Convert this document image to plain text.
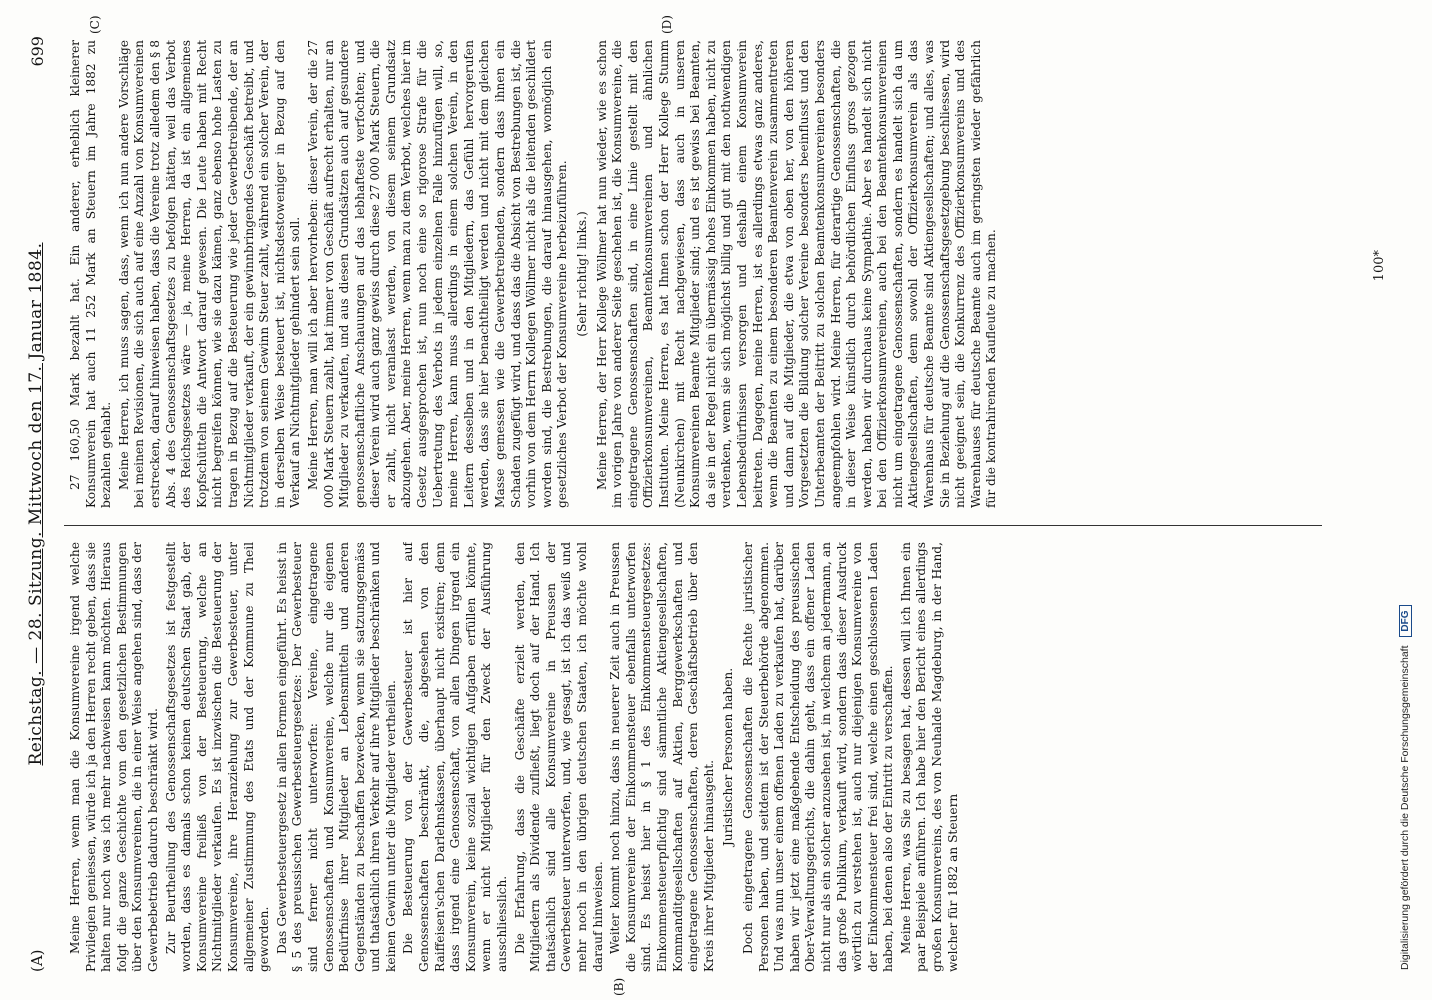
(A)
Reichstag. — 28. Sitzung. Mittwoch den 17. Januar 1884.
699
(B)
(C)	(D)

Meine Herren, wenn man die Konsumvereine irgend welche Privilegien geniessen, würde ich ja den Herren recht geben, dass sie halten nur noch was ich mehr nachweisen kann möchten. Hieraus folgt die ganze Geschichte vom den gesetzlichen Bestimmungen über den Konsumvereinen, die in einer Weise angehen sind, dass der Gewerbebetrieb dadurch beschränkt wird. Zur Beurtheilung des Genossenschaftsgesetzes ist festgestellt worden, dass es damals schon keinen deutschen Staat gab, der Konsumvereine freiließ von der Besteuerung, welche an Nichtmitglieder verkaufen. Es ist inzwischen die Besteuerung der Konsumvereine, ihre Heranziehung zur Gewerbesteuer, unter allgemeiner Zustimmung des Etats und der Kommune zu Theil geworden. Das Gewerbesteuergesetz in allen Formen eingeführt. Es heisst in § 5 des preussischen Gewerbesteuergesetzes: Der Gewerbesteuer sind ferner nicht unterworfen: Vereine, eingetragene Genossenschaften und Konsumvereine, welche nur die eigenen Bedürfnisse ihrer Mitglieder an Lebensmitteln und anderen Gegenständen zu beschaffen bezwecken, wenn sie satzungsgemäss und thatsächlich ihren Verkehr auf ihre Mitglieder beschränken und keinen Gewinn unter die Mitglieder vertheilen. Die Besteuerung von der Gewerbesteuer ist hier auf Genossenschaften beschränkt, die, abgesehen von den Raiffeisen'schen Darlehnskassen, überhaupt nicht existiren; denn dass irgend eine Genossenschaft, von allen Dingen irgend ein Konsumverein, keine sozial wichtigen Aufgaben erfüllen könnte, wenn er nicht Mitglieder für den Zweck der Ausführung ausschliesslich. Die Erfahrung, dass die Geschäfte erzielt werden, den Mitgliedern als Dividende zufließt, liegt doch auf der Hand. Ich thatsächlich sind alle Konsumvereine in Preussen der Gewerbesteuer unterworfen, und, wie gesagt, ist ich das weiß und mehr noch in den übrigen deutschen Staaten, ich möchte wohl darauf hinweisen. Weiter kommt noch hinzu, dass in neuerer Zeit auch in Preussen die Konsumvereine der Einkommensteuer ebenfalls unterworfen sind. Es heisst hier in § 1 des Einkommensteuergesetzes: Einkommensteuerpflichtig sind sämmtliche Aktiengesellschaften, Kommanditgesellschaften auf Aktien, Berggewerkschaften und eingetragene Genossenschaften, deren Geschäftsbetrieb über den Kreis ihrer Mitglieder hinausgeht.

Juristischer Personen haben. Doch eingetragene Genossenschaften die Rechte juristischer Personen haben, und seitdem ist der Steuerbehörde abgenommen. Und was nun unser einem offenen Laden zu verkaufen hat, darüber haben wir jetzt eine maßgebende Entscheidung des preussischen Ober-Verwaltungsgerichts, die dahin geht, dass ein offener Laden nicht nur als ein solcher anzusehen ist, in welchem an jedermann, an das große Publikum, verkauft wird, sondern dass dieser Ausdruck wörtlich zu verstehen ist, auch nur diejenigen Konsumvereine von der Einkommensteuer frei sind, welche einen geschlossenen Laden haben, bei denen also der Eintritt zu verschaffen. Meine Herren, was Sie zu besagen hat, dessen will ich Ihnen ein paar Beispiele anführen. Ich habe hier den Bericht eines allerdings großen Konsumvereins, des von Neuhalde Magdeburg, in der Hand, welcher für 1882 an Steuern

27 160,50 Mark bezahlt hat. Ein anderer, erheblich kleinerer Konsumverein hat auch 11 252 Mark an Steuern im Jahre 1882 zu bezahlen gehabt. Meine Herren, ich muss sagen, dass, wenn ich nun andere Vorschläge bei meinen Revisionen, die sich auch auf eine Anzahl von Konsumvereinen erstrecken, darauf hinweisen haben, dass die Vereine trotz alledem den § 8 Abs. 4 des Genossenschaftsgesetzes zu befolgen hätten, weil das Verbot des Reichsgesetzes wäre — ja, meine Herren, da ist ein allgemeines Kopfschütteln die Antwort darauf gewesen. Die Leute haben mit Recht nicht begreifen können, wie sie dazu kämen, ganz ebenso hohe Lasten zu tragen in Bezug auf die Besteuerung wie jeder Gewerbetreibende, der an Nichtmitglieder verkauft, der ein gewinnbringendes Geschäft betreibt, und trotzdem von seinem Gewinn Steuer zahlt, während ein solcher Verein, der in derselben Weise besteuert ist, nichtsdestoweniger in Bezug auf den Verkauf an Nichtmitglieder gehindert sein soll. Meine Herren, man will ich aber hervorheben: dieser Verein, der die 27 000 Mark Steuern zahlt, hat immer von Geschäft aufrecht erhalten, nur an Mitglieder zu verkaufen, und aus diesen Grundsätzen auch auf gesundere genossenschaftliche Anschauungen auf das lebhafteste verfochten; und dieser Verein wird auch ganz gewiss durch diese 27 000 Mark Steuern, die er zahlt, nicht veranlasst werden, von diesem seinem Grundsatz abzugehen. Aber, meine Herren, wenn man zu dem Verbot, welches hier im Gesetz ausgesprochen ist, nun noch eine so rigorose Strafe für die Uebertretung des Verbots in jedem einzelnen Falle hinzufügen will, so, meine Herren, kann muss allerdings in einem solchen Verein, in den Leitern desselben und in den Mitgliedern, das Gefühl hervorgerufen werden, dass sie hier benachtheiligt werden und nicht mit dem gleichen Masse gemessen wie die Gewerbetreibenden, sondern dass ihnen ein Schaden zugefügt wird, und dass das die Absicht von Bestrebungen ist, die vorhin von dem Herrn Kollegen Wöllmer nicht als die leitenden geschildert worden sind, die Bestrebungen, die darauf hinausgehen, womöglich ein gesetzliches Verbot der Konsumvereine herbeizuführen. (Sehr richtig! links.) Meine Herren, der Herr Kollege Wöllmer hat nun wieder, wie es schon im vorigen Jahre von anderer Seite geschehen ist, die Konsumvereine, die eingetragene Genossenschaften sind, in eine Linie gestellt mit den Offizierkonsumvereinen, Beamtenkonsumvereinen und ähnlichen Instituten. Meine Herren, es hat Ihnen schon der Herr Kollege Stumm (Neunkirchen) mit Recht nachgewiesen, dass auch in unseren Konsumvereinen Beamte Mitglieder sind; und es ist gewiss bei Beamten, da sie in der Regel nicht ein übermässig hohes Einkommen haben, nicht zu verdenken, wenn sie sich möglichst billig und gut mit den nothwendigen Lebensbedürfnissen versorgen und deshalb einem Konsumverein beitreten. Dagegen, meine Herren, ist es allerdings etwas ganz anderes, wenn die Beamten zu einem besonderen Beamtenverein zusammentreten und dann auf die Mitglieder, die etwa von oben her, von den höheren Vorgesetzten die Bildung solcher Vereine besonders beeinflusst und den Unterbeamten der Beitritt zu solchen Beamtenkonsumvereinen besonders angeempfohlen wird. Meine Herren, für derartige Genossenschaften, die in dieser Weise künstlich durch behördlichen Einfluss gross gezogen werden, haben wir durchaus keine Sympathie. Aber es handelt sich nicht bei den Offizierkonsumvereinen, auch bei den Beamtenkonsumvereinen nicht um eingetragene Genossenschaften, sondern es handelt sich da um Aktiengesellschaften, denn sowohl der Offizierkonsumverein als das Warenhaus für deutsche Beamte sind Aktiengesellschaften; und alles, was Sie in Beziehung auf die Genossenschaftsgesetzgebung beschliessen, wird nicht geeignet sein, die Konkurrenz des Offizierkonsumvereins und des Warenhauses für deutsche Beamte auch im geringsten wieder gefährlich für die kontrahirenden Kaufleute zu machen.	100*
Digitalisierung gefördert durch die Deutsche Forschungsgemeinschaft DFG
